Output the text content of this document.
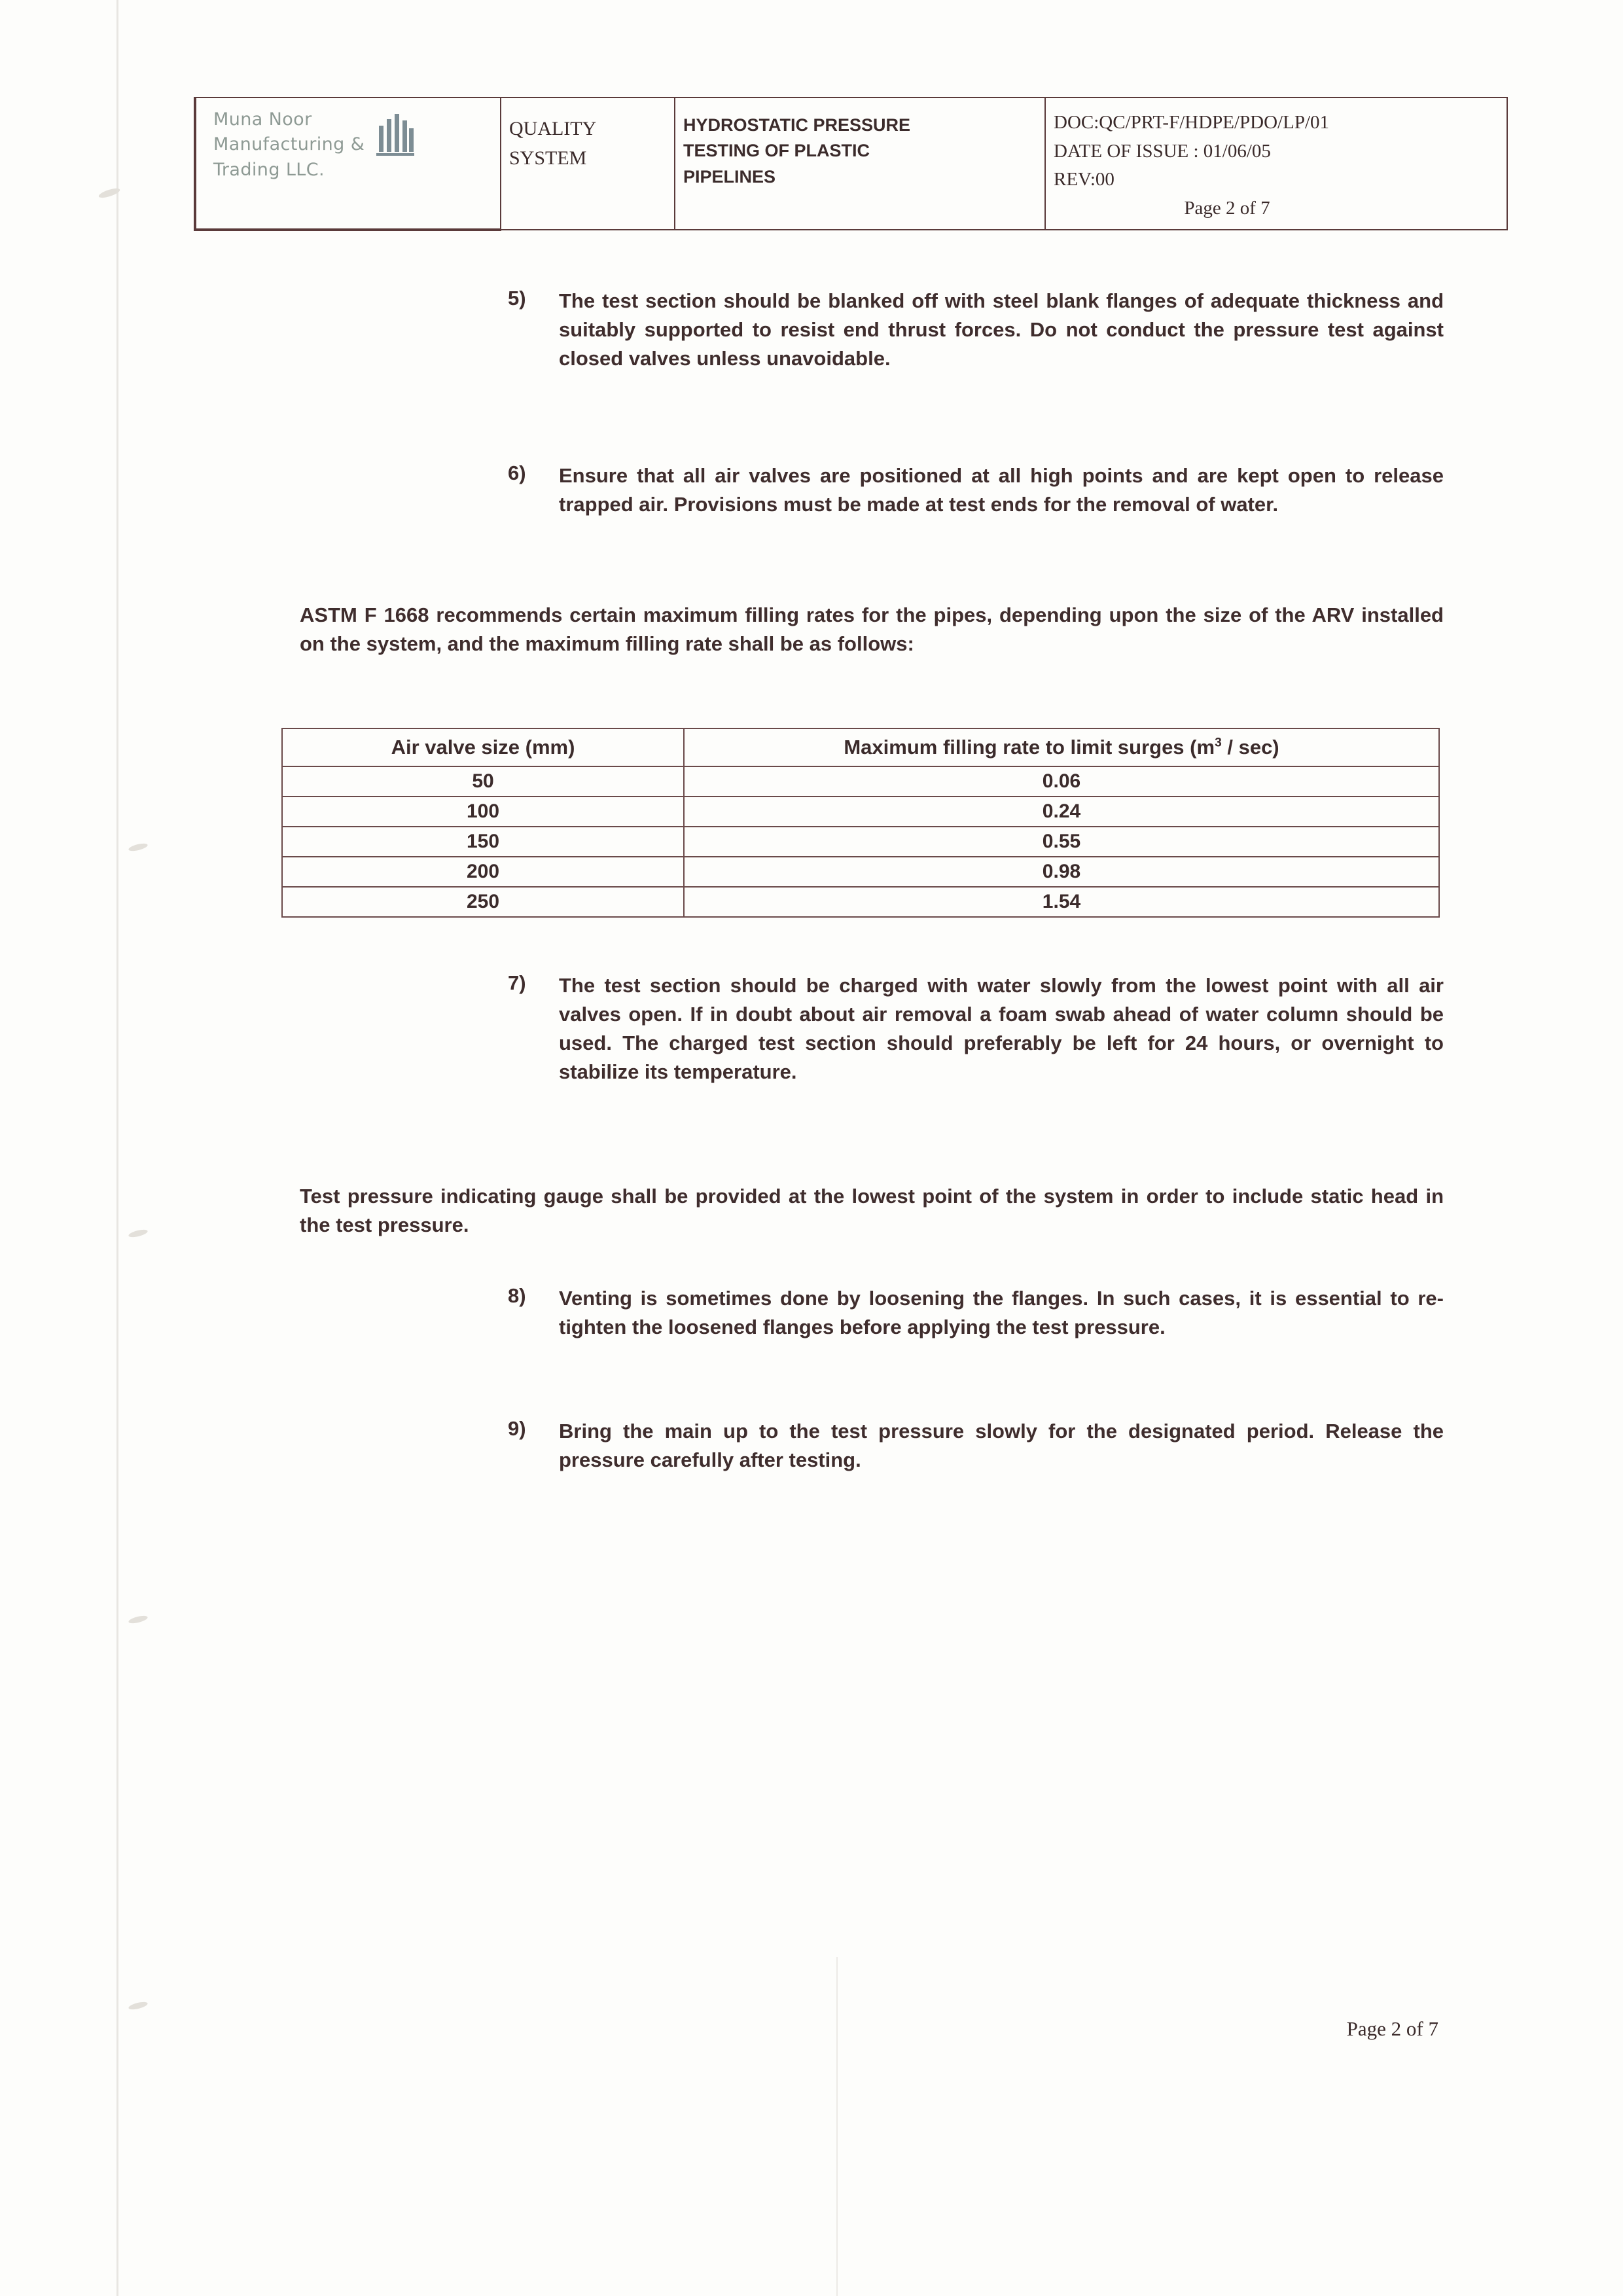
Muna Noor
Manufacturing &
Trading LLC.

QUALITY
SYSTEM

HYDROSTATIC PRESSURE
TESTING OF PLASTIC
PIPELINES

DOC:QC/PRT-F/HDPE/PDO/LP/01
DATE OF ISSUE : 01/06/05
REV:00
Page 2 of 7
5)	The test section should be blanked off with steel blank flanges of adequate thickness and suitably supported to resist end thrust forces. Do not conduct the pressure test against closed valves unless unavoidable.
6)	Ensure that all air valves are positioned at all high points and are kept open to release trapped air. Provisions must be made at test ends for the removal of water.
ASTM F 1668 recommends certain maximum filling rates for the pipes, depending upon the size of the ARV installed on the system, and the maximum filling rate shall be as follows:
Air valve size (mm)	Maximum filling rate to limit surges $(m^3 / \sec)$
50	0.06
100	0.24
150	0.55
200	0.98
250	1.54
7)	The test section should be charged with water slowly from the lowest point with all air valves open. If in doubt about air removal a foam swab ahead of water column should be used. The charged test section should preferably be left for 24 hours, or overnight to stabilize its temperature.
Test pressure indicating gauge shall be provided at the lowest point of the system in order to include static head in the test pressure.
8)	Venting is sometimes done by loosening the flanges. In such cases, it is essential to re-tighten the loosened flanges before applying the test pressure.
9)	Bring the main up to the test pressure slowly for the designated period. Release the pressure carefully after testing.
Page 2 of 7
